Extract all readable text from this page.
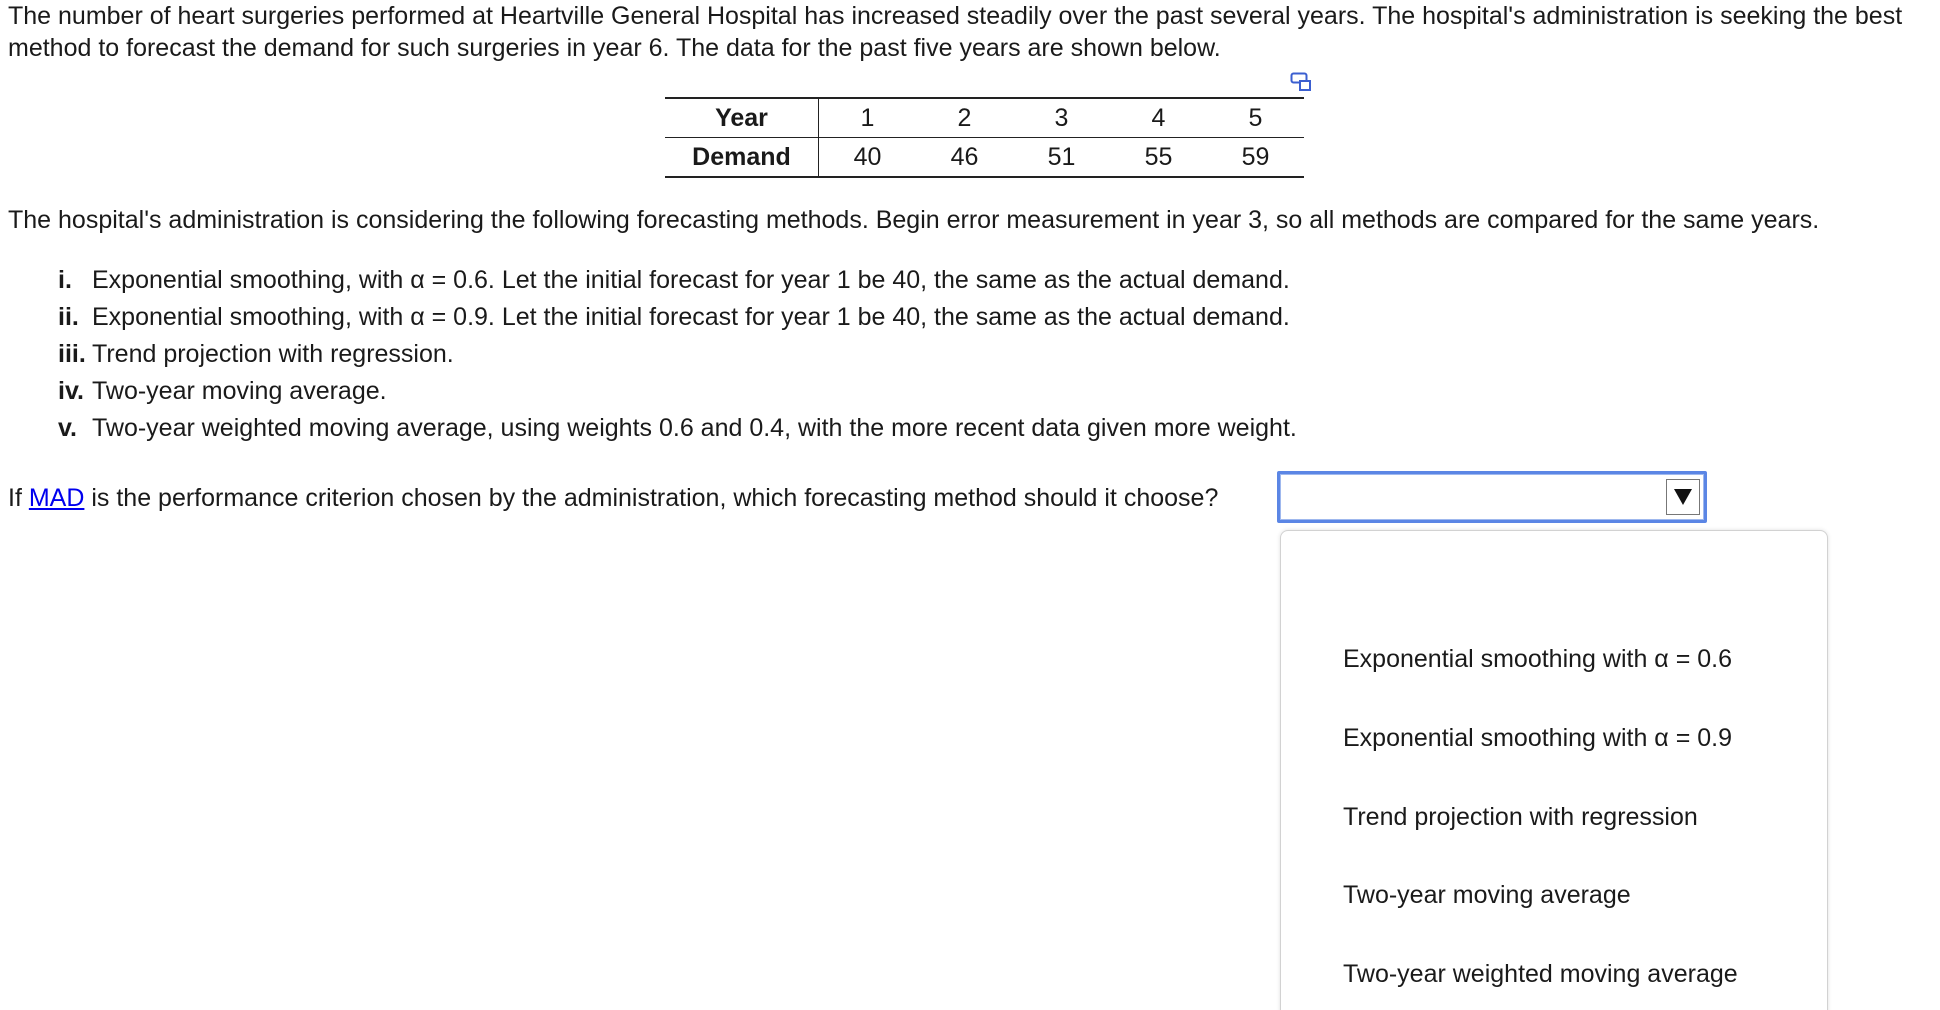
The number of heart surgeries performed at Heartville General Hospital has increased steadily over the past several years. The hospital's administration is seeking the best method to forecast the demand for such surgeries in year 6. The data for the past five years are shown below.

Year	1	2	3	4	5
Demand	40	46	51	55	59

The hospital's administration is considering the following forecasting methods. Begin error measurement in year 3, so all methods are compared for the same years.

i. Exponential smoothing, with α = 0.6. Let the initial forecast for year 1 be 40, the same as the actual demand.
ii. Exponential smoothing, with α = 0.9. Let the initial forecast for year 1 be 40, the same as the actual demand.
iii. Trend projection with regression.
iv. Two-year moving average.
v. Two-year weighted moving average, using weights 0.6 and 0.4, with the more recent data given more weight.
If MAD is the performance criterion chosen by the administration, which forecasting method should it choose?
Exponential smoothing with α = 0.6
Exponential smoothing with α = 0.9
Trend projection with regression
Two-year moving average
Two-year weighted moving average
